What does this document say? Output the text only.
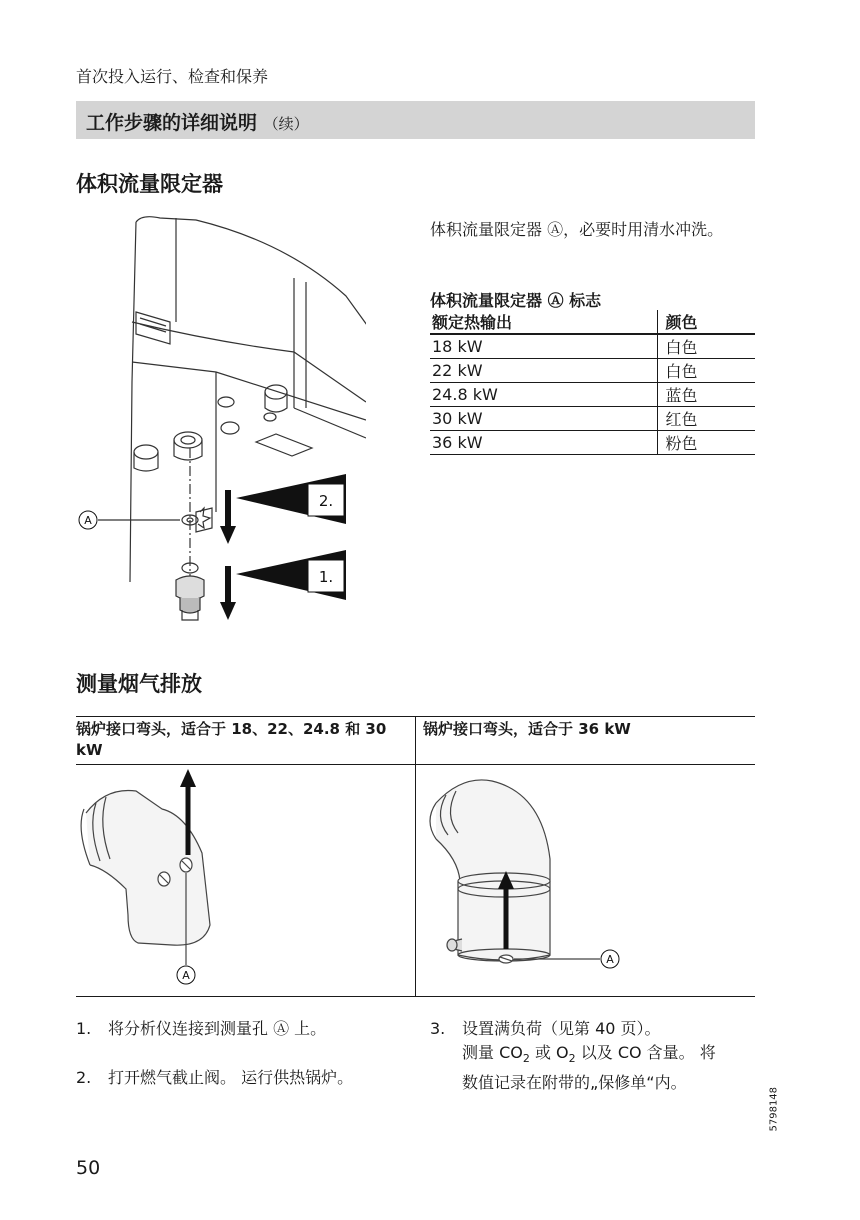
首次投入运行、检查和保养
工作步骤的详细说明 （续）
体积流量限定器
2.
1.
A
体积流量限定器 Ⓐ，必要时用清水冲洗。
体积流量限定器 Ⓐ 标志
额定热输出	颜色
18 kW	白色
22 kW	白色
24.8 kW	蓝色
30 kW	红色
36 kW	粉色
测量烟气排放
锅炉接口弯头，适合于 18、22、24.8 和 30 kW
锅炉接口弯头，适合于 36 kW
A
A
1. 将分析仪连接到测量孔 Ⓐ 上。
2. 打开燃气截止阀。 运行供热锅炉。
3. 设置满负荷（见第 40 页）。
测量 $CO_2$ 或 $O_2$ 以及 CO 含量。 将
数值记录在附带的„保修单“内。
5798148
50
